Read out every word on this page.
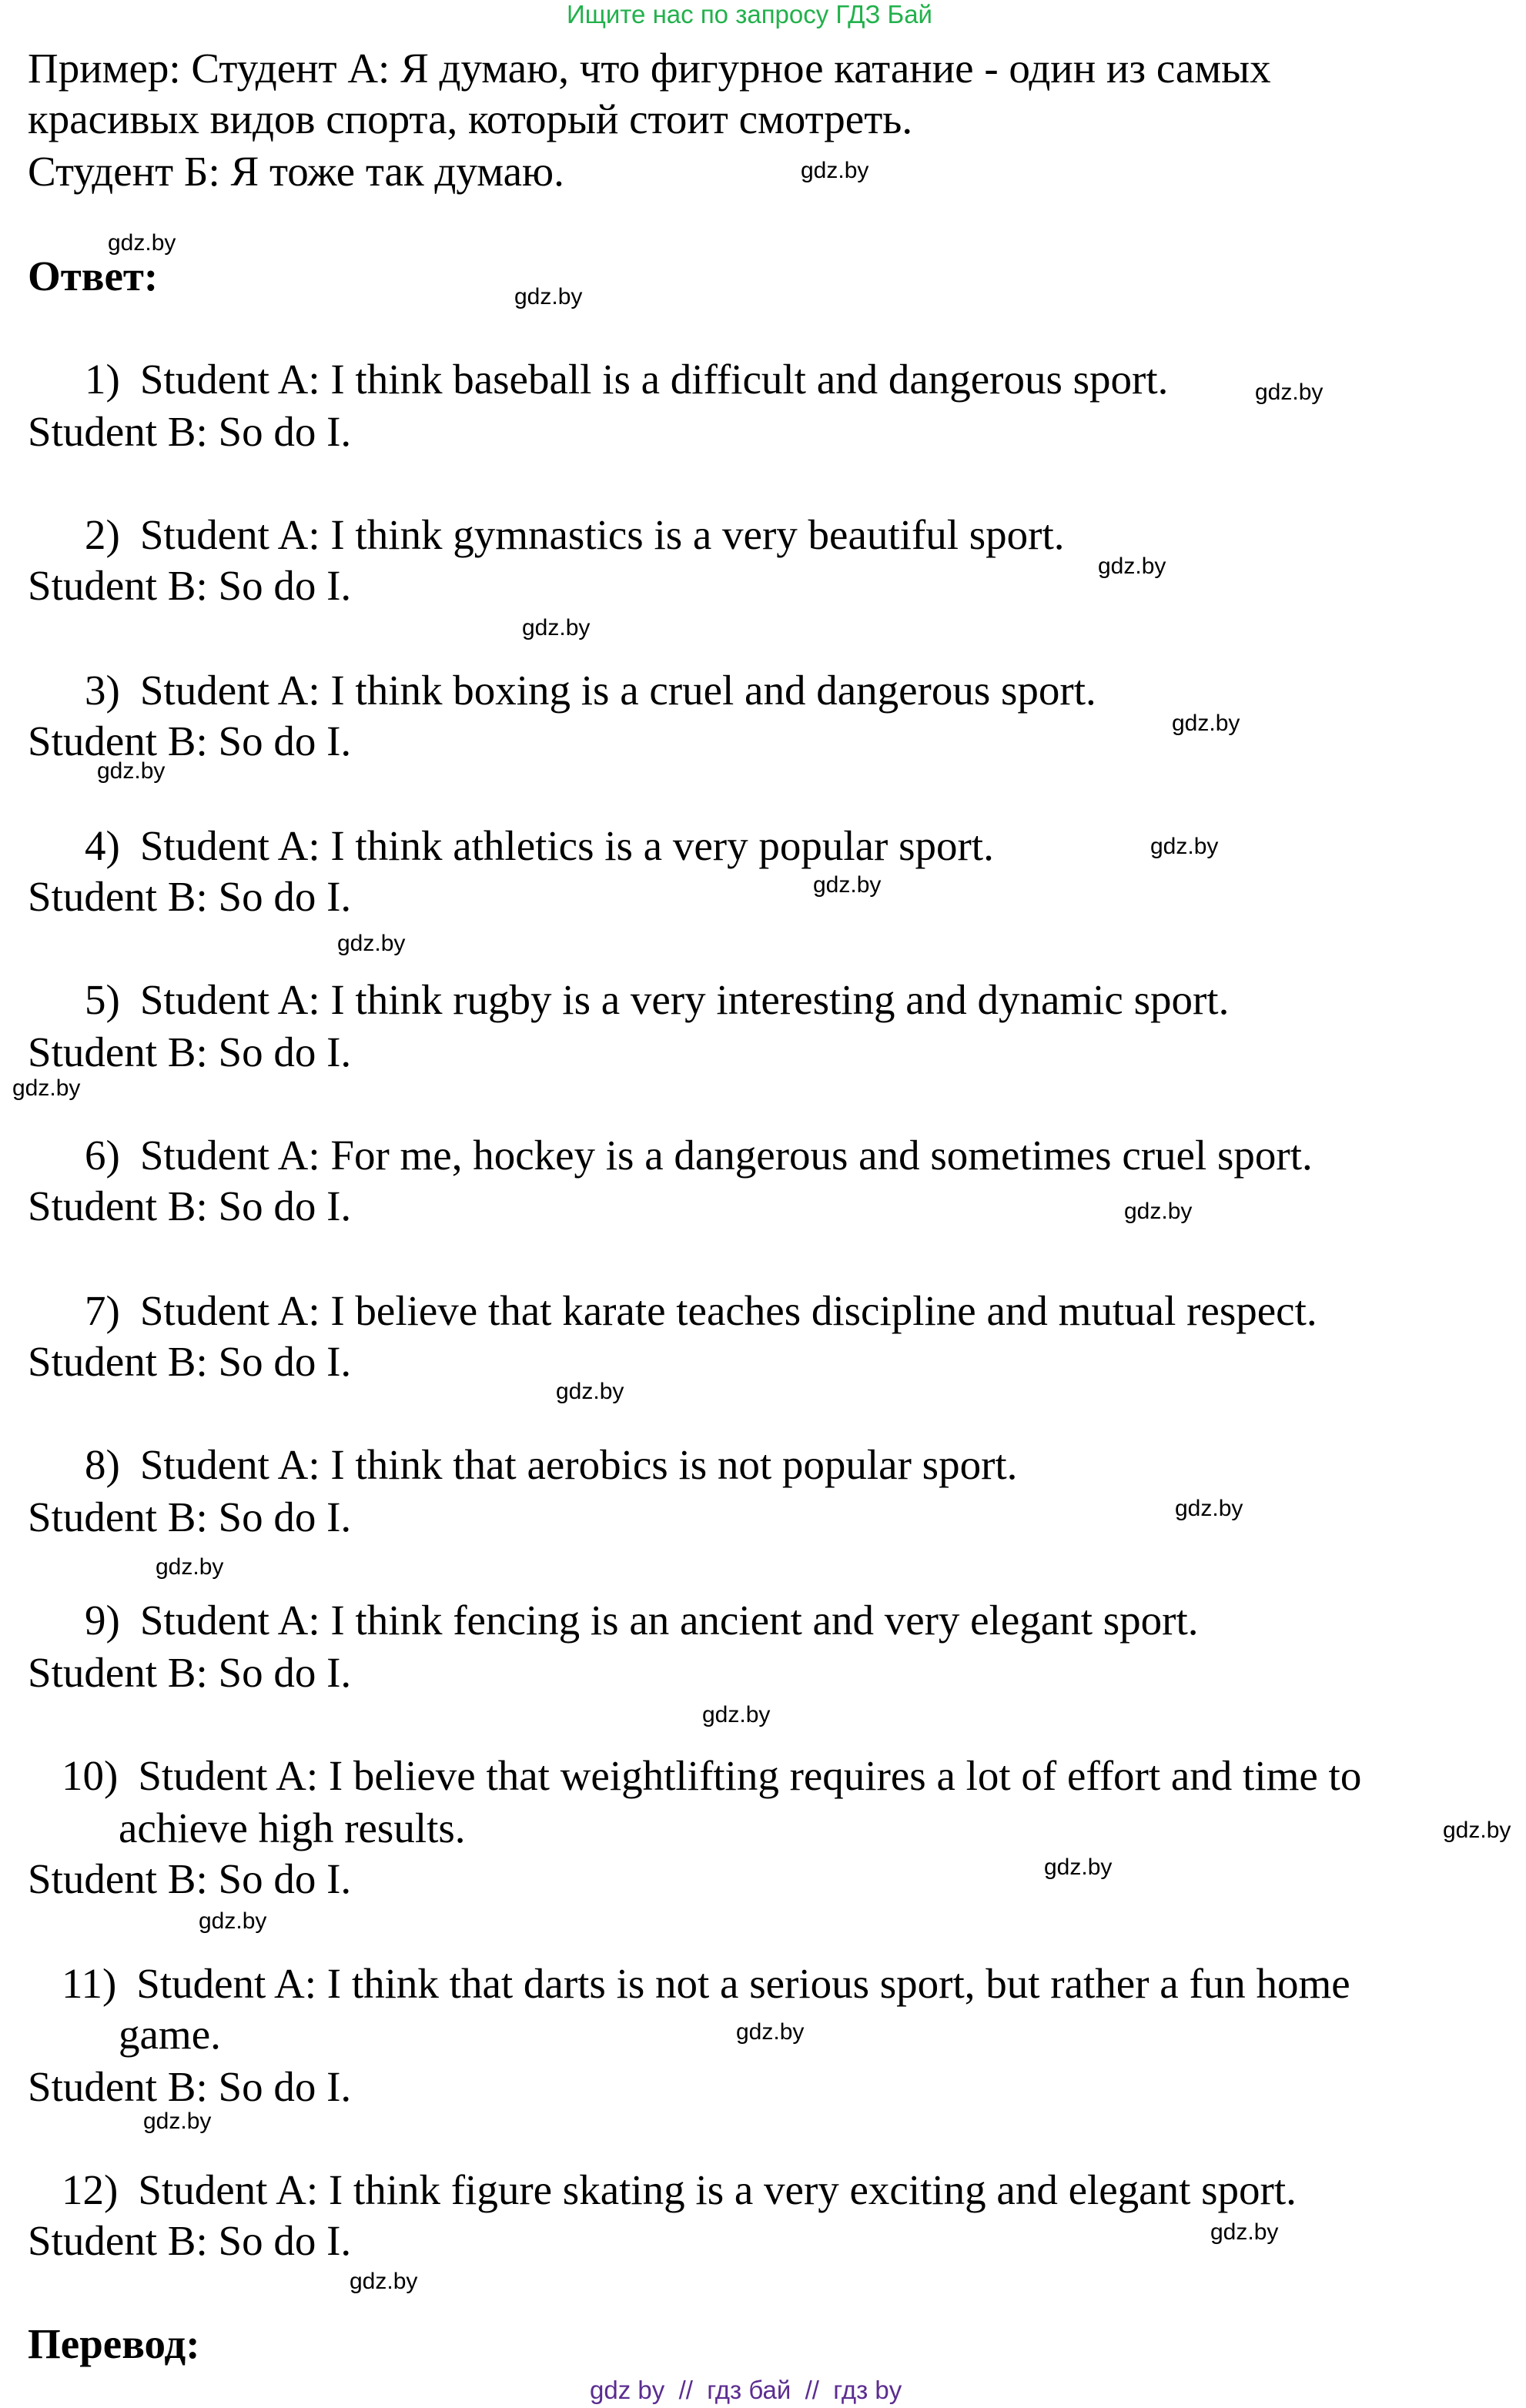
Ищите нас по запросу ГДЗ Бай
Пример: Студент А: Я думаю, что фигурное катание - один из самых
красивых видов спорта, который стоит смотреть.
Студент Б: Я тоже так думаю.
Ответ:
1) Student A: I think baseball is a difficult and dangerous sport.
Student B: So do I.
2) Student A: I think gymnastics is a very beautiful sport.
Student B: So do I.
3) Student A: I think boxing is a cruel and dangerous sport.
Student B: So do I.
4) Student A: I think athletics is a very popular sport.
Student B: So do I.
5) Student A: I think rugby is a very interesting and dynamic sport.
Student B: So do I.
6) Student A: For me, hockey is a dangerous and sometimes cruel sport.
Student B: So do I.
7) Student A: I believe that karate teaches discipline and mutual respect.
Student B: So do I.
8) Student A: I think that aerobics is not popular sport.
Student B: So do I.
9) Student A: I think fencing is an ancient and very elegant sport.
Student B: So do I.
10) Student A: I believe that weightlifting requires a lot of effort and time to
achieve high results.
Student B: So do I.
11) Student A: I think that darts is not a serious sport, but rather a fun home
game.
Student B: So do I.
12) Student A: I think figure skating is a very exciting and elegant sport.
Student B: So do I.
Перевод:
gdz.by
gdz.by
gdz.by
gdz.by
gdz.by
gdz.by
gdz.by
gdz.by
gdz.by
gdz.by
gdz.by
gdz.by
gdz.by
gdz.by
gdz.by
gdz.by
gdz.by
gdz.by
gdz.by
gdz.by
gdz.by
gdz.by
gdz.by
gdz.by
gdz by  //  гдз бай  //  гдз by
